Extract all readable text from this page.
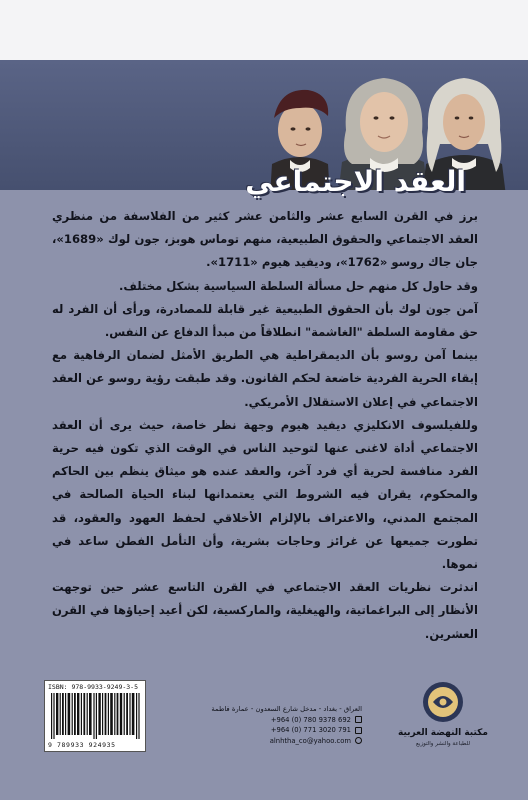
العقد الاجتماعي

برز في القرن السابع عشر والثامن عشر كثير من الفلاسفة من منظري العقد الاجتماعي والحقوق الطبيعية، منهم توماس هوبز، جون لوك «1689»، جان جاك روسو «1762»، وديفيد هيوم «1711».

وقد حاول كل منهم حل مسألة السلطة السياسية بشكل مختلف.

آمن جون لوك بأن الحقوق الطبيعية غير قابلة للمصادرة، ورأى أن الفرد له حق مقاومة السلطة "الغاشمة" انطلاقاً من مبدأ الدفاع عن النفس.

بينما آمن روسو بأن الديمقراطية هي الطريق الأمثل لضمان الرفاهية مع إبقاء الحرية الفردية خاضعة لحكم القانون. وقد طبقت رؤية روسو عن العقد الاجتماعي في إعلان الاستقلال الأمريكي.

وللفيلسوف الانكليزي ديفيد هيوم وجهة نظر خاصة، حيث يرى أن العقد الاجتماعي أداة لاغنى عنها لتوحيد الناس في الوقت الذي تكون فيه حرية الفرد منافسة لحرية أي فرد آخر، والعقد عنده هو ميثاق ينظم بين الحاكم والمحكوم، يقران فيه الشروط التي يعتمدانها لبناء الحياة الصالحة في المجتمع المدني، والاعتراف بالإلزام الأخلاقي لحفظ العهود والعقود، قد تطورت جميعها عن غرائز وحاجات بشرية، وأن التأمل الفطن ساعد في نموها.

اندثرت نظريات العقد الاجتماعي في القرن التاسع عشر حين توجهت الأنظار إلى البراغماتية، والهيغلية، والماركسية، لكن أعيد إحياؤها في القرن العشرين.

ISBN: 978-9933-9249-3-5
9 789933 924935
العراق - بغداد - مدخل شارع السعدون - عمارة فاطمة
+964 (0) 780 9378 692
+964 (0) 771 3020 791
alnhtha_co@yahoo.com
مكتبة النهضة العربية
للطباعة والنشر والتوزيع
